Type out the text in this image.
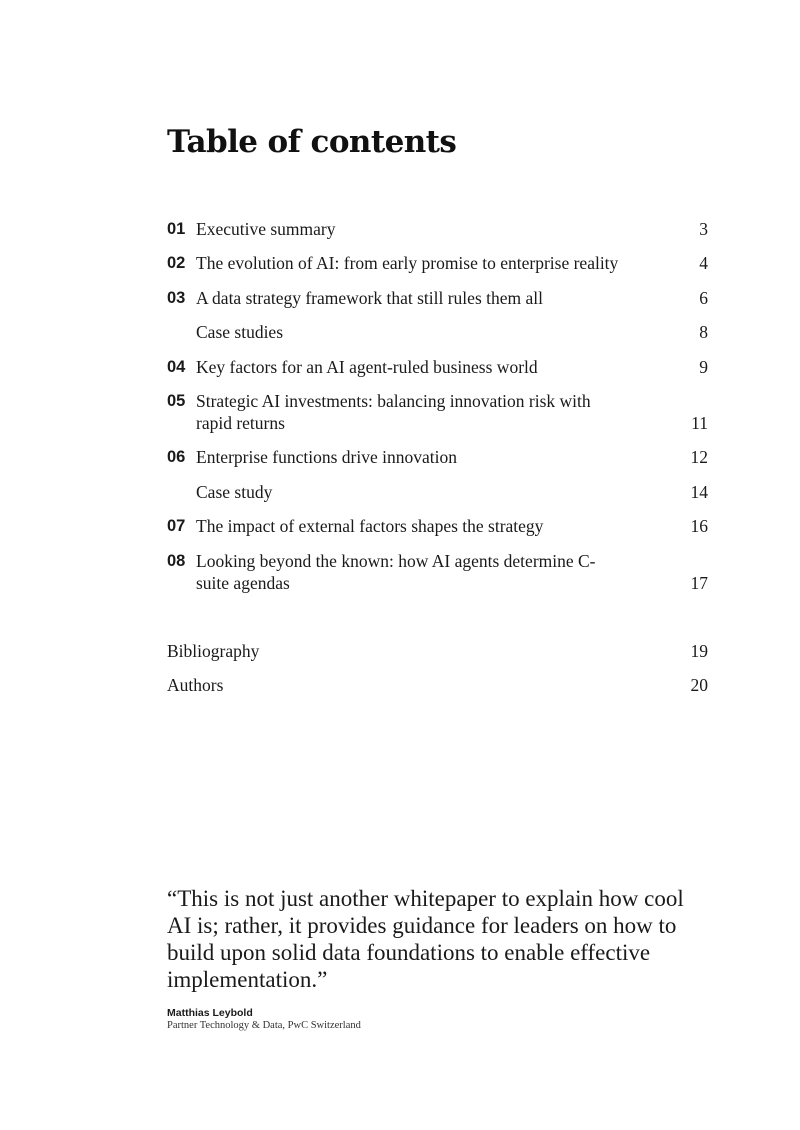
Table of contents
01 Executive summary	3
02 The evolution of AI: from early promise to enterprise reality	4
03 A data strategy framework that still rules them all	6
Case studies	8
04 Key factors for an AI agent-ruled business world	9
05 Strategic AI investments: balancing innovation risk with rapid returns	11
06 Enterprise functions drive innovation	12
Case study	14
07 The impact of external factors shapes the strategy	16
08 Looking beyond the known: how AI agents determine C-suite agendas	17
Bibliography	19
Authors	20

“This is not just another whitepaper to explain how cool AI is; rather, it provides guidance for leaders on how to build upon solid data foundations to enable effective implementation.”

Matthias Leybold
Partner Technology & Data, PwC Switzerland
